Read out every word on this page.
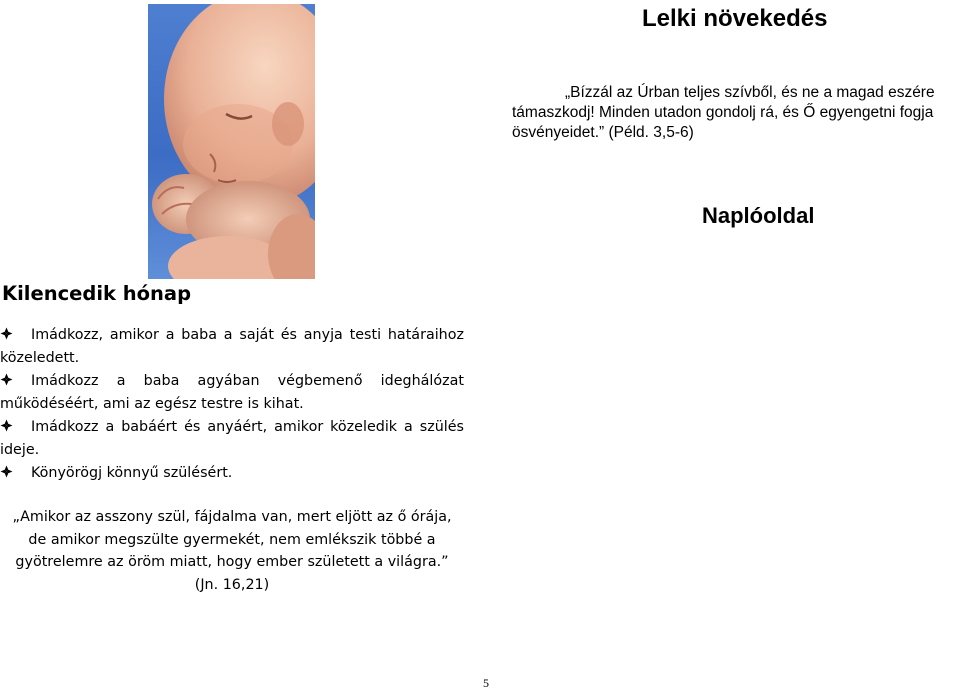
Lelki növekedés

„Bízzál az Úrban teljes szívből, és ne a magad eszére
támaszkodj! Minden utadon gondolj rá, és Ő egyengetni fogja
ösvényeidet.” (Péld. 3,5-6)

Naplóoldal
Kilencedik hónap
Imádkozz, amikor a baba a saját és anyja testi határaihoz közeledett.
Imádkozz a baba agyában végbemenő ideghálózat működéséért, ami az egész testre is kihat.
Imádkozz a babáért és anyáért, amikor közeledik a szülés ideje.
Könyörögj könnyű szülésért.

„Amikor az asszony szül, fájdalma van, mert eljött az ő órája,
de amikor megszülte gyermekét, nem emlékszik többé a
gyötrelemre az öröm miatt, hogy ember született a világra.”
(Jn. 16,21)

5
